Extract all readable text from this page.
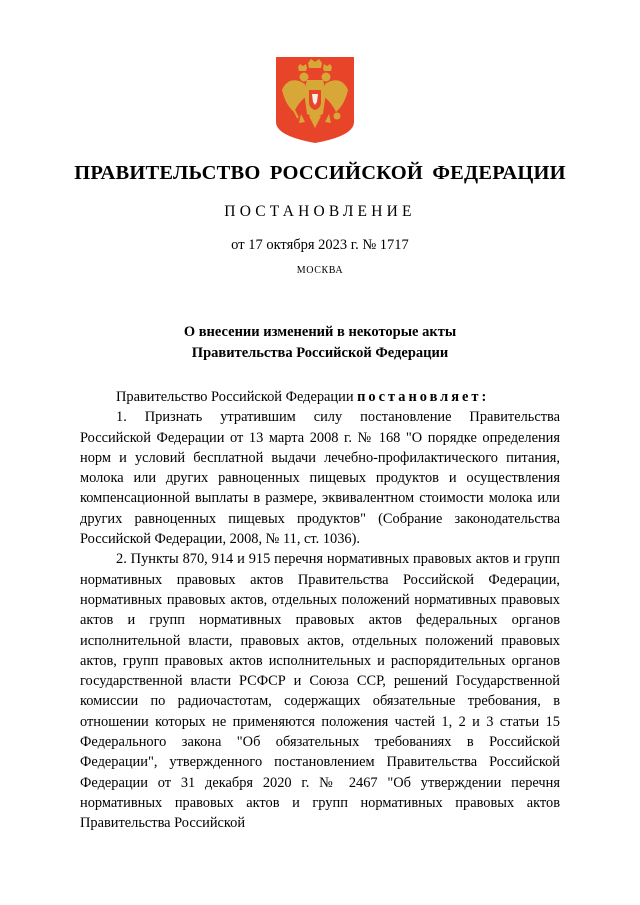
ПРАВИТЕЛЬСТВО РОССИЙСКОЙ ФЕДЕРАЦИИ
ПОСТАНОВЛЕНИЕ
от 17 октября 2023 г. № 1717
МОСКВА
О внесении изменений в некоторые акты
Правительства Российской Федерации

Правительство Российской Федерации постановляет:

1. Признать утратившим силу постановление Правительства Российской Федерации от 13 марта 2008 г. № 168 "О порядке определения норм и условий бесплатной выдачи лечебно-профилактического питания, молока или других равноценных пищевых продуктов и осуществления компенсационной выплаты в размере, эквивалентном стоимости молока или других равноценных пищевых продуктов" (Собрание законодательства Российской Федерации, 2008, № 11, ст. 1036).

2. Пункты 870, 914 и 915 перечня нормативных правовых актов и групп нормативных правовых актов Правительства Российской Федерации, нормативных правовых актов, отдельных положений нормативных правовых актов и групп нормативных правовых актов федеральных органов исполнительной власти, правовых актов, отдельных положений правовых актов, групп правовых актов исполнительных и распорядительных органов государственной власти РСФСР и Союза ССР, решений Государственной комиссии по радиочастотам, содержащих обязательные требования, в отношении которых не применяются положения частей 1, 2 и 3 статьи 15 Федерального закона "Об обязательных требованиях в Российской Федерации", утвержденного постановлением Правительства Российской Федерации от 31 декабря 2020 г. № 2467 "Об утверждении перечня нормативных правовых актов и групп нормативных правовых актов Правительства Российской
